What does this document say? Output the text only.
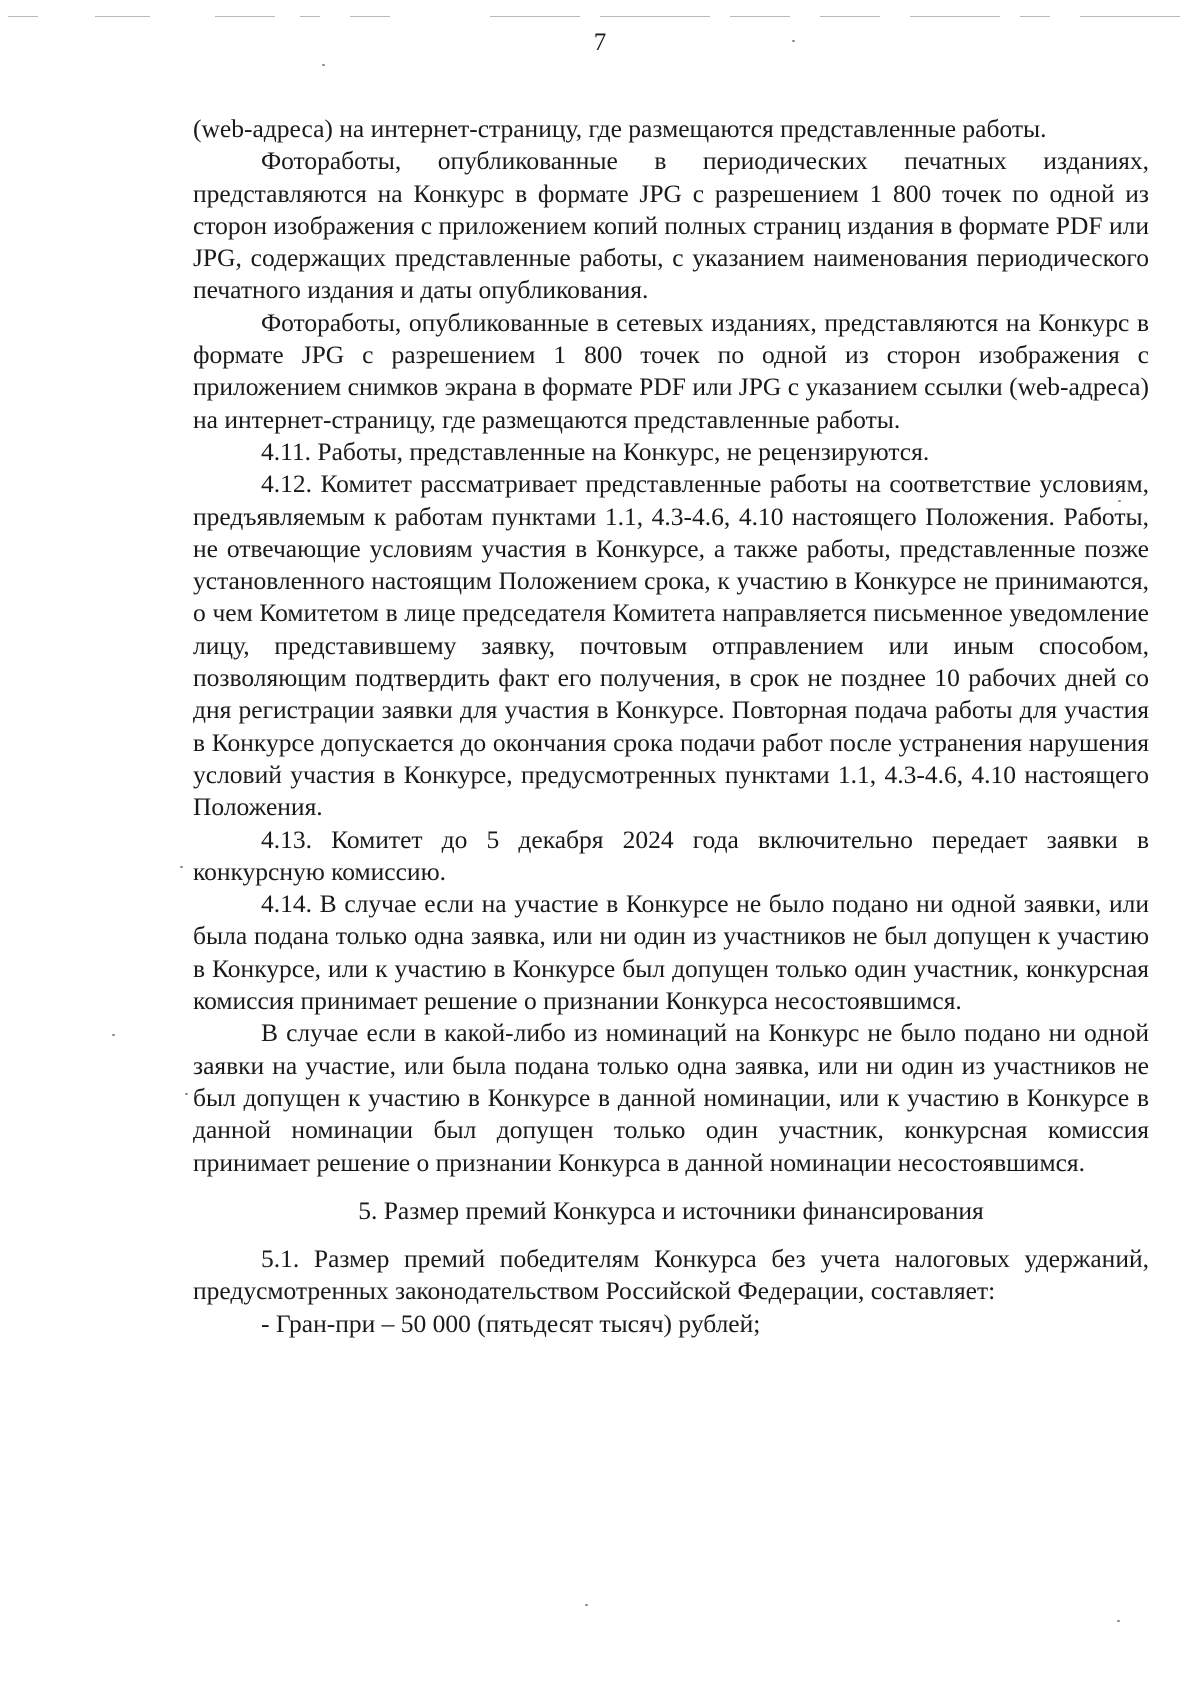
7

(web-адреса) на интернет-страницу, где размещаются представленные работы.

Фотоработы, опубликованные в периодических печатных изданиях, представляются на Конкурс в формате JPG с разрешением 1 800 точек по одной из сторон изображения с приложением копий полных страниц издания в формате PDF или JPG, содержащих представленные работы, с указанием наименования периодического печатного издания и даты опубликования.

Фоторaботы, опубликованные в сетевых изданиях, представляются на Конкурс в формате JPG с разрешением 1 800 точек по одной из сторон изображения с приложением снимков экрана в формате PDF или JPG с указанием ссылки (web-адреса) на интернет-страницу, где размещаются представленные работы.

4.11. Работы, представленные на Конкурс, не рецензируются.

4.12. Комитет рассматривает представленные работы на соответствие условиям, предъявляемым к работам пунктами 1.1, 4.3-4.6, 4.10 настоящего Положения. Работы, не отвечающие условиям участия в Конкурсе, а также работы, представленные позже установленного настоящим Положением срока, к участию в Конкурсе не принимаются, о чем Комитетом в лице председателя Комитета направляется письменное уведомление лицу, представившему заявку, почтовым отправлением или иным способом, позволяющим подтвердить факт его получения, в срок не позднее 10 рабочих дней со дня регистрации заявки для участия в Конкурсе. Повторная подача работы для участия в Конкурсе допускается до окончания срока подачи работ после устранения нарушения условий участия в Конкурсе, предусмотренных пунктами 1.1, 4.3-4.6, 4.10 настоящего Положения.

4.13. Комитет до 5 декабря 2024 года включительно передает заявки в конкурсную комиссию.

4.14. В случае если на участие в Конкурсе не было подано ни одной заявки, или была подана только одна заявка, или ни один из участников не был допущен к участию в Конкурсе, или к участию в Конкурсе был допущен только один участник, конкурсная комиссия принимает решение о признании Конкурса несостоявшимся.

В случае если в какой-либо из номинаций на Конкурс не было подано ни одной заявки на участие, или была подана только одна заявка, или ни один из участников не был допущен к участию в Конкурсе в данной номинации, или к участию в Конкурсе в данной номинации был допущен только один участник, конкурсная комиссия принимает решение о признании Конкурса в данной номинации несостоявшимся.

5. Размер премий Конкурса и источники финансирования

5.1. Размер премий победителям Конкурса без учета налоговых удержаний, предусмотренных законодательством Российской Федерации, составляет:

- Гран-при – 50 000 (пятьдесят тысяч) рублей;
